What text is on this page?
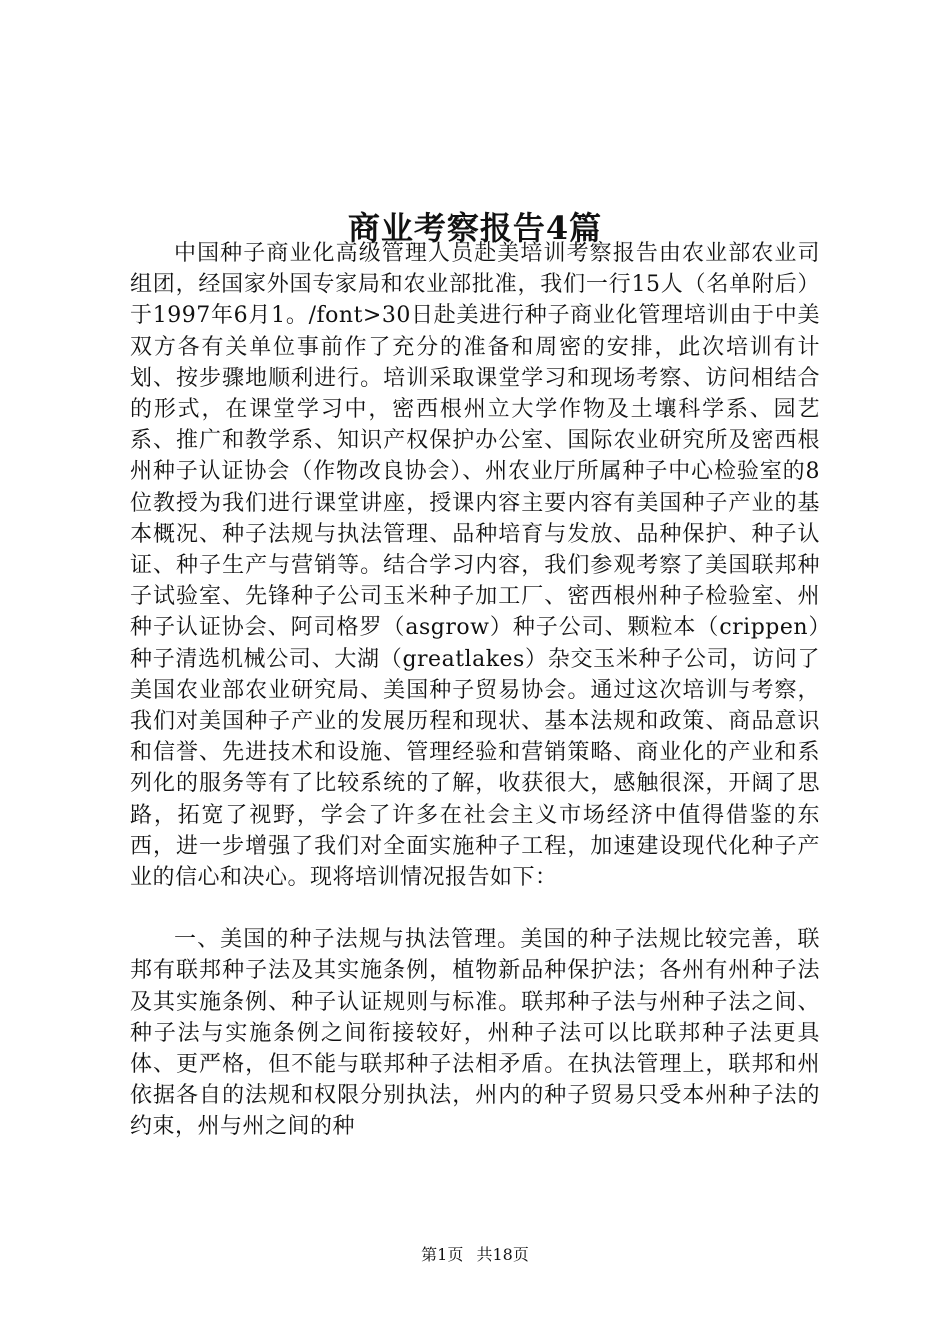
商业考察报告4篇

中国种子商业化高级管理人员赴美培训考察报告由农业部农业司组团，经国家外国专家局和农业部批准，我们一行15人（名单附后）于1997年6月1。/font>30日赴美进行种子商业化管理培训由于中美双方各有关单位事前作了充分的准备和周密的安排，此次培训有计划、按步骤地顺利进行。培训采取课堂学习和现场考察、访问相结合的形式，在课堂学习中，密西根州立大学作物及土壤科学系、园艺系、推广和教学系、知识产权保护办公室、国际农业研究所及密西根州种子认证协会（作物改良协会）、州农业厅所属种子中心检验室的8位教授为我们进行课堂讲座，授课内容主要内容有美国种子产业的基本概况、种子法规与执法管理、品种培育与发放、品种保护、种子认证、种子生产与营销等。结合学习内容，我们参观考察了美国联邦种子试验室、先锋种子公司玉米种子加工厂、密西根州种子检验室、州种子认证协会、阿司格罗（asgrow）种子公司、颗粒本（crippen）种子清选机械公司、大湖（greatlakes）杂交玉米种子公司，访问了美国农业部农业研究局、美国种子贸易协会。通过这次培训与考察，我们对美国种子产业的发展历程和现状、基本法规和政策、商品意识和信誉、先进技术和设施、管理经验和营销策略、商业化的产业和系列化的服务等有了比较系统的了解，收获很大，感触很深，开阔了思路，拓宽了视野，学会了许多在社会主义市场经济中值得借鉴的东西，进一步增强了我们对全面实施种子工程，加速建设现代化种子产业的信心和决心。现将培训情况报告如下：

一、美国的种子法规与执法管理。美国的种子法规比较完善，联邦有联邦种子法及其实施条例，植物新品种保护法；各州有州种子法及其实施条例、种子认证规则与标准。联邦种子法与州种子法之间、种子法与实施条例之间衔接较好，州种子法可以比联邦种子法更具体、更严格，但不能与联邦种子法相矛盾。在执法管理上，联邦和州依据各自的法规和权限分别执法，州内的种子贸易只受本州种子法的约束，州与州之间的种

第1页 共18页
